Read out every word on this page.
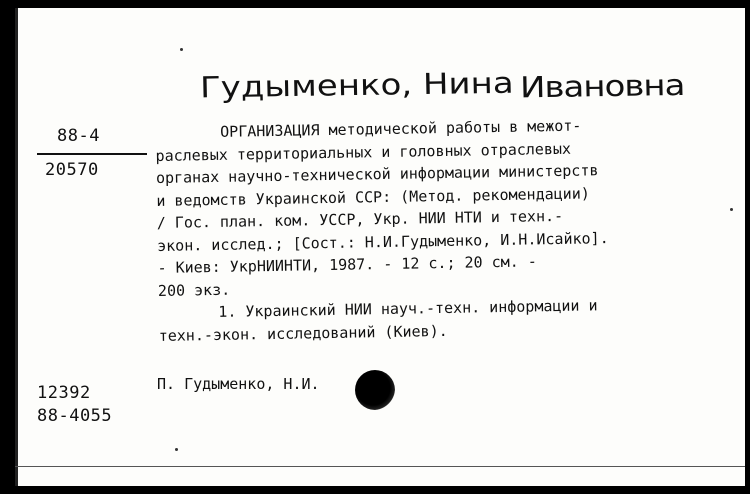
Гудыменко, Нина Ивановна
88-4
20570
ОРГАНИЗАЦИЯ методической работы в межот-
раслевых территориальных и головных отраслевых
органах научно-технической информации министерств
и ведомств Украинской ССР: (Метод. рекомендации)
/ Гос. план. ком. УССР, Укр. НИИ НТИ и техн.-
экон. исслед.; [Сост.: Н.И.Гудыменко, И.Н.Исайко].
- Киев: УкрНИИНТИ, 1987. - 12 с.; 20 см. -
200 экз.
1. Украинский НИИ науч.-техн. информации и
техн.-экон. исследований (Киев).
12392
88-4055
П. Гудыменко, Н.И.
